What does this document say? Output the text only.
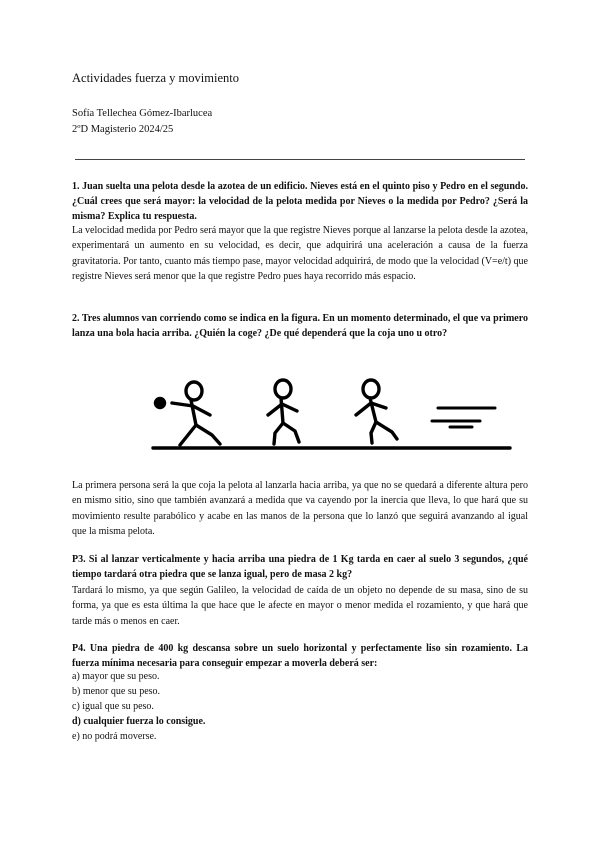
Actividades fuerza y movimiento
Sofía Tellechea Gómez-Ibarlucea
2ºD Magisterio 2024/25
1. Juan suelta una pelota desde la azotea de un edificio. Nieves está en el quinto piso y Pedro en el segundo. ¿Cuál crees que será mayor: la velocidad de la pelota medida por Nieves o la medida por Pedro? ¿Será la misma? Explica tu respuesta.
La velocidad medida por Pedro será mayor que la que registre Nieves porque al lanzarse la pelota desde la azotea, experimentará un aumento en su velocidad, es decir, que adquirirá una aceleración a causa de la fuerza gravitatoria. Por tanto, cuanto más tiempo pase, mayor velocidad adquirirá, de modo que la velocidad (V=e/t) que registre Nieves será menor que la que registre Pedro pues haya recorrido más espacio.
2. Tres alumnos van corriendo como se indica en la figura. En un momento determinado, el que va primero lanza una bola hacia arriba. ¿Quién la coge? ¿De qué dependerá que la coja uno u otro?
La primera persona será la que coja la pelota al lanzarla hacia arriba, ya que no se quedará a diferente altura pero en mismo sitio, sino que también avanzará a medida que va cayendo por la inercia que lleva, lo que hará que su movimiento resulte parabólico y acabe en las manos de la persona que lo lanzó que seguirá avanzando al igual que la misma pelota.
P3. Si al lanzar verticalmente y hacia arriba una piedra de 1 Kg tarda en caer al suelo 3 segundos, ¿qué tiempo tardará otra piedra que se lanza igual, pero de masa 2 kg?
Tardará lo mismo, ya que según Galileo, la velocidad de caída de un objeto no depende de su masa, sino de su forma, ya que es esta última la que hace que le afecte en mayor o menor medida el rozamiento, y que hará que tarde más o menos en caer.
P4. Una piedra de 400 kg descansa sobre un suelo horizontal y perfectamente liso sin rozamiento. La fuerza mínima necesaria para conseguir empezar a moverla deberá ser:
a) mayor que su peso.
b) menor que su peso.
c) igual que su peso.
d) cualquier fuerza lo consigue.
e) no podrá moverse.
